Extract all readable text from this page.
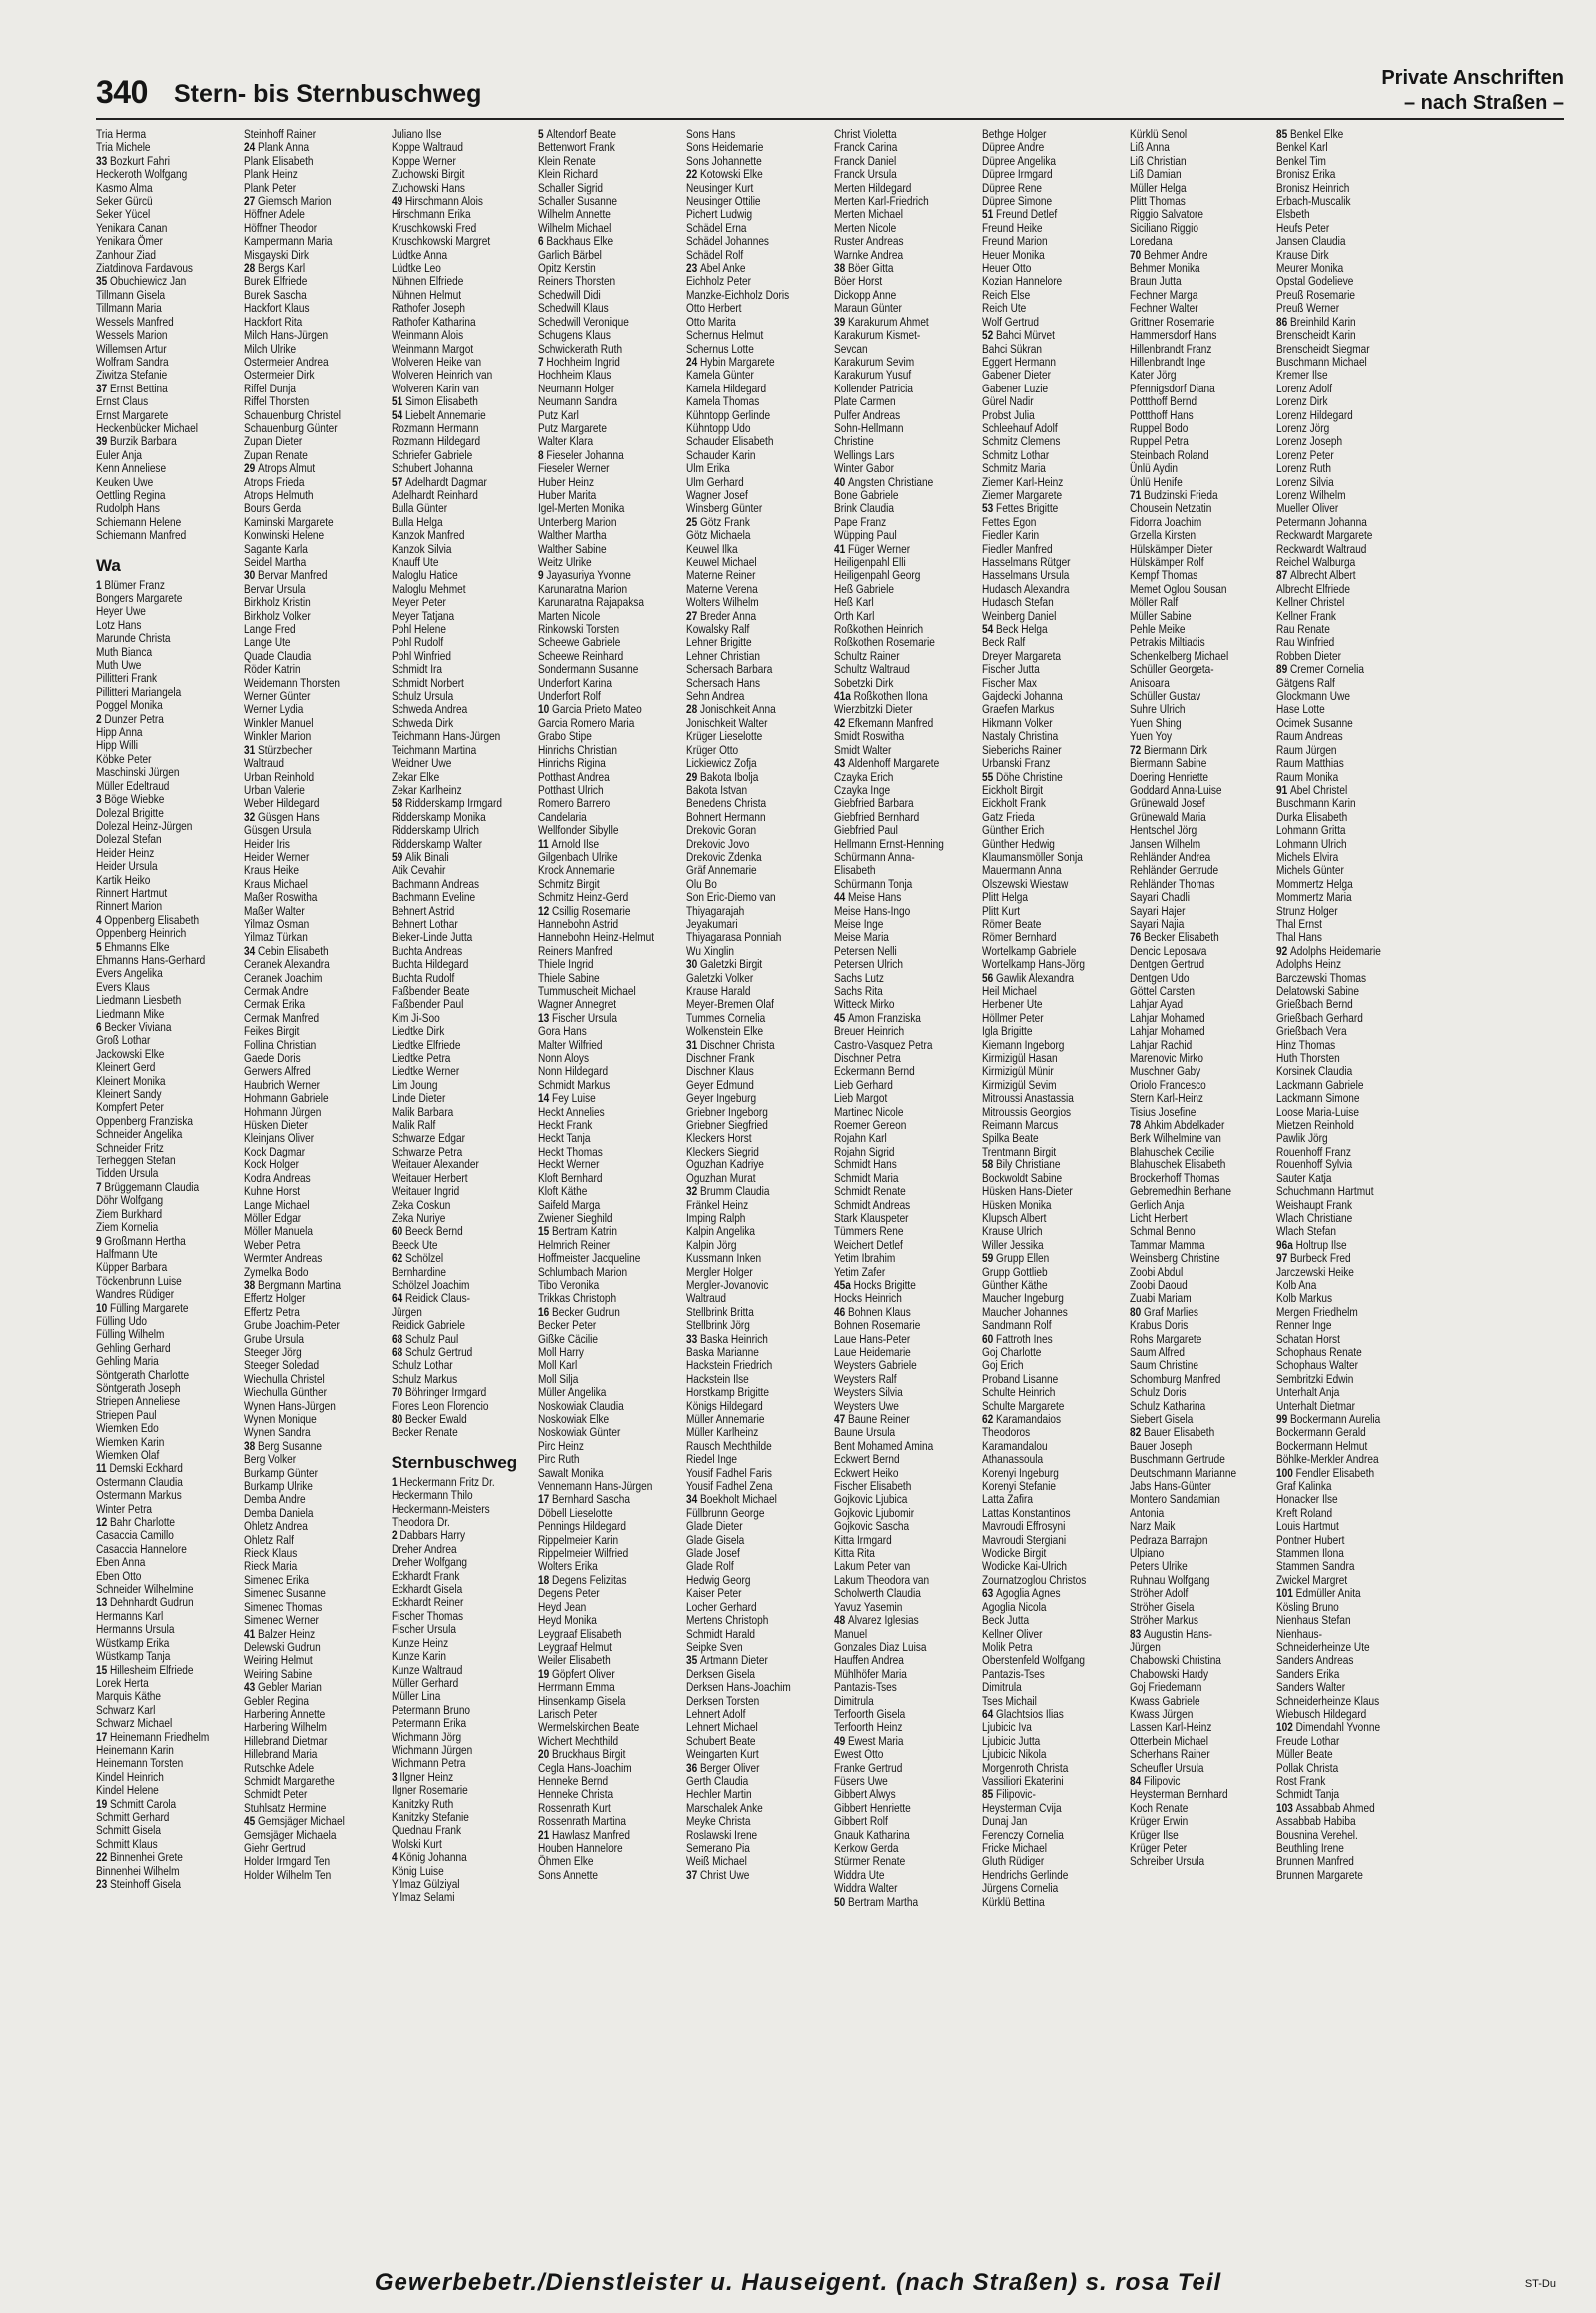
340 Stern- bis Sternbuschweg
Private Anschriften
– nach Straßen –
Tria Herma
Tria Michele
33 Bozkurt Fahri
Heckeroth Wolfgang
Kasmo Alma
Seker Gürcü
Seker Yücel
Yenikara Canan
Yenikara Ömer
Zanhour Ziad
Ziatdinova Fardavous
35 Obuchiewicz Jan
Tillmann Gisela
Tillmann Maria
Wessels Manfred
Wessels Marion
Willemsen Artur
Wolfram Sandra
Ziwitza Stefanie
37 Ernst Bettina
Ernst Claus
Ernst Margarete
Heckenbücker Michael
39 Burzik Barbara
Euler Anja
Kenn Anneliese
Keuken Uwe
Oettling Regina
Rudolph Hans
Schiemann Helene
Schiemann Manfred
Wa
1 Blümer Franz
Bongers Margarete
Heyer Uwe
Lotz Hans
Marunde Christa
Muth Bianca
Muth Uwe
Pillitteri Frank
Pillitteri Mariangela
Poggel Monika
2 Dunzer Petra
Hipp Anna
Hipp Willi
Köbke Peter
Maschinski Jürgen
Müller Edeltraud
3 Böge Wiebke
Dolezal Brigitte
Dolezal Heinz-Jürgen
Dolezal Stefan
Heider Heinz
Heider Ursula
Kartik Heiko
Rinnert Hartmut
Rinnert Marion
4 Oppenberg Elisabeth
Oppenberg Heinrich
5 Ehmanns Elke
Ehmanns Hans-Gerhard
Evers Angelika
Evers Klaus
Liedmann Liesbeth
Liedmann Mike
6 Becker Viviana
Groß Lothar
Jackowski Elke
Kleinert Gerd
Kleinert Monika
Kleinert Sandy
Kompfert Peter
Oppenberg Franziska
Schneider Angelika
Schneider Fritz
Terheggen Stefan
Tidden Ursula
7 Brüggemann Claudia
Döhr Wolfgang
Ziem Burkhard
Ziem Kornelia
9 Großmann Hertha
Halfmann Ute
Küpper Barbara
Töckenbrunn Luise
Wandres Rüdiger
10 Fülling Margarete
Fülling Udo
Fülling Wilhelm
Gehling Gerhard
Gehling Maria
Söntgerath Charlotte
Söntgerath Joseph
Striepen Anneliese
Striepen Paul
Wiemken Edo
Wiemken Karin
Wiemken Olaf
11 Demski Eckhard
Ostermann Claudia
Ostermann Markus
Winter Petra
12 Bahr Charlotte
Casaccia Camillo
Casaccia Hannelore
Eben Anna
Eben Otto
Schneider Wilhelmine
13 Dehnhardt Gudrun
Hermanns Karl
Hermanns Ursula
Wüstkamp Erika
Wüstkamp Tanja
15 Hillesheim Elfriede
Lorek Herta
Marquis Käthe
Schwarz Karl
Schwarz Michael
17 Heinemann Friedhelm
Heinemann Karin
Heinemann Torsten
Kindel Heinrich
Kindel Helene
19 Schmitt Carola
Schmitt Gerhard
Schmitt Gisela
Schmitt Klaus
22 Binnenhei Grete
Binnenhei Wilhelm
23 Steinhoff Gisela
Steinhoff Rainer
24 Plank Anna
Plank Elisabeth
Plank Heinz
Plank Peter
27 Giemsch Marion
Höffner Adele
Höffner Theodor
Kampermann Maria
Misgayski Dirk
28 Bergs Karl
Burek Elfriede
Burek Sascha
Hackfort Klaus
Hackfort Rita
Milch Hans-Jürgen
Milch Ulrike
Ostermeier Andrea
Ostermeier Dirk
Riffel Dunja
Riffel Thorsten
Schauenburg Christel
Schauenburg Günter
Zupan Dieter
Zupan Renate
29 Atrops Almut
Atrops Frieda
Atrops Helmuth
Bours Gerda
Kaminski Margarete
Konwinski Helene
Sagante Karla
Seidel Martha
30 Bervar Manfred
Bervar Ursula
Birkholz Kristin
Birkholz Volker
Lange Fred
Lange Ute
Quade Claudia
Röder Katrin
Weidemann Thorsten
Werner Günter
Werner Lydia
Winkler Manuel
Winkler Marion
31 Stürzbecher
Waltraud
Urban Reinhold
Urban Valerie
Weber Hildegard
32 Güsgen Hans
Güsgen Ursula
Heider Iris
Heider Werner
Kraus Heike
Kraus Michael
Maßer Roswitha
Maßer Walter
Yilmaz Osman
Yilmaz Türkan
34 Cebin Elisabeth
Ceranek Alexandra
Ceranek Joachim
Cermak Andre
Cermak Erika
Cermak Manfred
Feikes Birgit
Follina Christian
Gaede Doris
Gerwers Alfred
Haubrich Werner
Hohmann Gabriele
Hohmann Jürgen
Hüsken Dieter
Kleinjans Oliver
Kock Dagmar
Kock Holger
Kodra Andreas
Kuhne Horst
Lange Michael
Möller Edgar
Möller Manuela
Weber Petra
Wermter Andreas
Zymelka Bodo
38 Bergmann Martina
Effertz Holger
Effertz Petra
Grube Joachim-Peter
Grube Ursula
Steeger Jörg
Steeger Soledad
Wiechulla Christel
Wiechulla Günther
Wynen Hans-Jürgen
Wynen Monique
Wynen Sandra
38 Berg Susanne
Berg Volker
Burkamp Günter
Burkamp Ulrike
Demba Andre
Demba Daniela
Ohletz Andrea
Ohletz Ralf
Rieck Klaus
Rieck Maria
Simenec Erika
Simenec Susanne
Simenec Thomas
Simenec Werner
41 Balzer Heinz
Delewski Gudrun
Weiring Helmut
Weiring Sabine
43 Gebler Marian
Gebler Regina
Harbering Annette
Harbering Wilhelm
Hillebrand Dietmar
Hillebrand Maria
Rutschke Adele
Schmidt Margarethe
Schmidt Peter
Stuhlsatz Hermine
45 Gemsjäger Michael
Gemsjäger Michaela
Giehr Gertrud
Holder Irmgard Ten
Holder Wilhelm Ten
Juliano Ilse
Koppe Waltraud
Koppe Werner
Zuchowski Birgit
Zuchowski Hans
49 Hirschmann Alois
Hirschmann Erika
Kruschkowski Fred
Kruschkowski Margret
Lüdtke Anna
Lüdtke Leo
Nühnen Elfriede
Nühnen Helmut
Rathofer Joseph
Rathofer Katharina
Weinmann Alois
Weinmann Margot
Wolveren Heike van
Wolveren Heinrich van
Wolveren Karin van
51 Simon Elisabeth
54 Liebelt Annemarie
Rozmann Hermann
Rozmann Hildegard
Schriefer Gabriele
Schubert Johanna
57 Adelhardt Dagmar
Adelhardt Reinhard
Bulla Günter
Bulla Helga
Kanzok Manfred
Kanzok Silvia
Knauff Ute
Maloglu Hatice
Maloglu Mehmet
Meyer Peter
Meyer Tatjana
Pohl Helene
Pohl Rudolf
Pohl Winfried
Schmidt Ira
Schmidt Norbert
Schulz Ursula
Schweda Andrea
Schweda Dirk
Teichmann Hans-Jürgen
Teichmann Martina
Weidner Uwe
Zekar Elke
Zekar Karlheinz
58 Ridderskamp Irmgard
Ridderskamp Monika
Ridderskamp Ulrich
Ridderskamp Walter
59 Alik Binali
Atik Cevahir
Bachmann Andreas
Bachmann Eveline
Behnert Astrid
Behnert Lothar
Bieker-Linde Jutta
Buchta Andreas
Buchta Hildegard
Buchta Rudolf
Faßbender Beate
Faßbender Paul
Kim Ji-Soo
Liedtke Dirk
Liedtke Elfriede
Liedtke Petra
Liedtke Werner
Lim Joung
Linde Dieter
Malik Barbara
Malik Ralf
Schwarze Edgar
Schwarze Petra
Weitauer Alexander
Weitauer Herbert
Weitauer Ingrid
Zeka Coskun
Zeka Nuriye
60 Beeck Bernd
Beeck Ute
62 Schölzel
Bernhardine
Schölzel Joachim
64 Reidick Claus-
Jürgen
Reidick Gabriele
68 Schulz Paul
68 Schulz Gertrud
Schulz Lothar
Schulz Markus
70 Böhringer Irmgard
Flores Leon Florencio
80 Becker Ewald
Becker Renate
Sternbuschweg
1 Heckermann Fritz Dr.
Heckermann Thilo
Heckermann-Meisters
Theodora Dr.
2 Dabbars Harry
Dreher Andrea
Dreher Wolfgang
Eckhardt Frank
Eckhardt Gisela
Eckhardt Reiner
Fischer Thomas
Fischer Ursula
Kunze Heinz
Kunze Karin
Kunze Waltraud
Müller Gerhard
Müller Lina
Petermann Bruno
Petermann Erika
Wichmann Jörg
Wichmann Jürgen
Wichmann Petra
3 Ilgner Heinz
Ilgner Rosemarie
Kanitzky Ruth
Kanitzky Stefanie
Quednau Frank
Wolski Kurt
4 König Johanna
König Luise
Yilmaz Gülziyal
Yilmaz Selami
5 Altendorf Beate
Bettenwort Frank
Klein Renate
Klein Richard
Schaller Sigrid
Schaller Susanne
Wilhelm Annette
Wilhelm Michael
6 Backhaus Elke
Garlich Bärbel
Opitz Kerstin
Reiners Thorsten
Schedwill Didi
Schedwill Klaus
Schedwill Veronique
Schugens Klaus
Schwickerath Ruth
7 Hochheim Ingrid
Hochheim Klaus
Neumann Holger
Neumann Sandra
Putz Karl
Putz Margarete
Walter Klara
8 Fieseler Johanna
Fieseler Werner
Huber Heinz
Huber Marita
Igel-Merten Monika
Unterberg Marion
Walther Martha
Walther Sabine
Weitz Ulrike
9 Jayasuriya Yvonne
Karunaratna Marion
Karunaratna Rajapaksa
Marten Nicole
Rinkowski Torsten
Scheewe Gabriele
Scheewe Reinhard
Sondermann Susanne
Underfort Karina
Underfort Rolf
10 Garcia Prieto Mateo
Garcia Romero Maria
Grabo Stipe
Hinrichs Christian
Hinrichs Rigina
Potthast Andrea
Potthast Ulrich
Romero Barrero
Candelaria
Wellfonder Sibylle
11 Arnold Ilse
Gilgenbach Ulrike
Krock Annemarie
Schmitz Birgit
Schmitz Heinz-Gerd
12 Csillig Rosemarie
Hannebohn Astrid
Hannebohn Heinz-Helmut
Reiners Manfred
Thiele Ingrid
Thiele Sabine
Tummuscheit Michael
Wagner Annegret
13 Fischer Ursula
Gora Hans
Malter Wilfried
Nonn Aloys
Nonn Hildegard
Schmidt Markus
14 Fey Luise
Heckt Annelies
Heckt Frank
Heckt Tanja
Heckt Thomas
Heckt Werner
Kloft Bernhard
Kloft Käthe
Saifeld Marga
Zwiener Sieghild
15 Bertram Katrin
Helmrich Reiner
Hoffmeister Jacqueline
Schlumbach Marion
Tibo Veronika
Trikkas Christoph
16 Becker Gudrun
Becker Peter
Gißke Cäcilie
Moll Harry
Moll Karl
Moll Silja
Müller Angelika
Noskowiak Claudia
Noskowiak Elke
Noskowiak Günter
Pirc Heinz
Pirc Ruth
Sawalt Monika
Vennemann Hans-Jürgen
17 Bernhard Sascha
Döbell Lieselotte
Pennings Hildegard
Rippelmeier Karin
Rippelmeier Wilfried
Wolters Erika
18 Degens Felizitas
Degens Peter
Heyd Jean
Heyd Monika
Leygraaf Elisabeth
Leygraaf Helmut
Weiler Elisabeth
19 Göpfert Oliver
Herrmann Emma
Hinsenkamp Gisela
Larisch Peter
Wermelskirchen Beate
Wichert Mechthild
20 Bruckhaus Birgit
Cegla Hans-Joachim
Henneke Bernd
Henneke Christa
Rossenrath Kurt
Rossenrath Martina
21 Hawlasz Manfred
Houben Hannelore
Öhmen Elke
Sons Annette
Sons Hans
Sons Heidemarie
Sons Johannette
22 Kotowski Elke
Neusinger Kurt
Neusinger Ottilie
Pichert Ludwig
Schädel Erna
Schädel Johannes
Schädel Rolf
23 Abel Anke
Eichholz Peter
Manzke-Eichholz Doris
Otto Herbert
Otto Marita
Schernus Helmut
Schernus Lotte
24 Hybin Margarete
Kamela Günter
Kamela Hildegard
Kamela Thomas
Kühntopp Gerlinde
Kühntopp Udo
Schauder Elisabeth
Schauder Karin
Ulm Erika
Ulm Gerhard
Wagner Josef
Winsberg Günter
25 Götz Frank
Götz Michaela
Keuwel Ilka
Keuwel Michael
Materne Reiner
Materne Verena
Wolters Wilhelm
27 Breder Anna
Kowalsky Ralf
Lehner Brigitte
Lehner Christian
Schersach Barbara
Schersach Hans
Sehn Andrea
28 Jonischkeit Anna
Jonischkeit Walter
Krüger Lieselotte
Krüger Otto
Lickiewicz Zofja
29 Bakota Ibolja
Bakota Istvan
Benedens Christa
Bohnert Hermann
Drekovic Goran
Drekovic Jovo
Drekovic Zdenka
Gräf Annemarie
Olu Bo
Son Eric-Diemo van
Thiyagarajah
Jeyakumari
Thiyagarasa Ponniah
Wu Xinglin
30 Galetzki Birgit
Galetzki Volker
Krause Harald
Meyer-Bremen Olaf
Tummes Cornelia
Wolkenstein Elke
31 Dischner Christa
Dischner Frank
Dischner Klaus
Geyer Edmund
Geyer Ingeburg
Griebner Ingeborg
Griebner Siegfried
Kleckers Horst
Kleckers Siegrid
Oguzhan Kadriye
Oguzhan Murat
32 Brumm Claudia
Fränkel Heinz
Imping Ralph
Kalpin Angelika
Kalpin Jörg
Kussmann Inken
Mergler Holger
Mergler-Jovanovic
Waltraud
Stellbrink Britta
Stellbrink Jörg
33 Baska Heinrich
Baska Marianne
Hackstein Friedrich
Hackstein Ilse
Horstkamp Brigitte
Königs Hildegard
Müller Annemarie
Müller Karlheinz
Rausch Mechthilde
Riedel Inge
Yousif Fadhel Faris
Yousif Fadhel Zena
34 Boekholt Michael
Füllbrunn George
Glade Dieter
Glade Gisela
Glade Josef
Glade Rolf
Hedwig Georg
Kaiser Peter
Locher Gerhard
Mertens Christoph
Schmidt Harald
Seipke Sven
35 Artmann Dieter
Derksen Gisela
Derksen Hans-Joachim
Derksen Torsten
Lehnert Adolf
Lehnert Michael
Schubert Beate
Weingarten Kurt
36 Berger Oliver
Gerth Claudia
Hechler Martin
Marschalek Anke
Meyke Christa
Roslawski Irene
Semerano Pia
Weiß Michael
37 Christ Uwe
Christ Violetta
Franck Carina
Franck Daniel
Franck Ursula
Merten Hildegard
Merten Karl-Friedrich
Merten Michael
Merten Nicole
Ruster Andreas
Warnke Andrea
38 Böer Gitta
Böer Horst
Dickopp Anne
Maraun Günter
39 Karakurum Ahmet
Karakurum Kismet-
Sevcan
Karakurum Sevim
Karakurum Yusuf
Kollender Patricia
Plate Carmen
Pulfer Andreas
Sohn-Hellmann
Christine
Wellings Lars
Winter Gabor
40 Angsten Christiane
Bone Gabriele
Brink Claudia
Pape Franz
Wüpping Paul
41 Füger Werner
Heiligenpahl Elli
Heiligenpahl Georg
Heß Gabriele
Heß Karl
Orth Karl
Roßkothen Heinrich
Roßkothen Rosemarie
Schultz Rainer
Schultz Waltraud
Sobetzki Dirk
41a Roßkothen Ilona
Wierzbitzki Dieter
42 Efkemann Manfred
Smidt Roswitha
Smidt Walter
43 Aldenhoff Margarete
Czayka Erich
Czayka Inge
Giebfried Barbara
Giebfried Bernhard
Giebfried Paul
Hellmann Ernst-Henning
Schürmann Anna-
Elisabeth
Schürmann Tonja
44 Meise Hans
Meise Hans-Ingo
Meise Inge
Meise Maria
Petersen Nelli
Petersen Ulrich
Sachs Lutz
Sachs Rita
Witteck Mirko
45 Amon Franziska
Breuer Heinrich
Castro-Vasquez Petra
Dischner Petra
Eckermann Bernd
Lieb Gerhard
Lieb Margot
Martinec Nicole
Roemer Gereon
Rojahn Karl
Rojahn Sigrid
Schmidt Hans
Schmidt Maria
Schmidt Renate
Schmidt Andreas
Stark Klauspeter
Tümmers Rene
Weichert Detlef
Yetim Ibrahim
Yetim Zafer
45a Hocks Brigitte
Hocks Heinrich
46 Bohnen Klaus
Bohnen Rosemarie
Laue Hans-Peter
Laue Heidemarie
Weysters Gabriele
Weysters Ralf
Weysters Silvia
Weysters Uwe
47 Baune Reiner
Baune Ursula
Bent Mohamed Amina
Eckwert Bernd
Eckwert Heiko
Fischer Elisabeth
Gojkovic Ljubica
Gojkovic Ljubomir
Gojkovic Sascha
Kitta Irmgard
Kitta Rita
Lakum Peter van
Lakum Theodora van
Scholwerth Claudia
Yavuz Yasemin
48 Alvarez Iglesias
Manuel
Gonzales Diaz Luisa
Hauffen Andrea
Mühlhöfer Maria
Pantazis-Tses
Dimitrula
Terfoorth Gisela
Terfoorth Heinz
49 Ewest Maria
Ewest Otto
Franke Gertrud
Füsers Uwe
Gibbert Alwys
Gibbert Henriette
Gibbert Rolf
Gnauk Katharina
Kerkow Gerda
Stürmer Renate
Widdra Ute
Widdra Walter
50 Bertram Martha
Bethge Holger
Düpree Andre
Düpree Angelika
Düpree Irmgard
Düpree Rene
Düpree Simone
51 Freund Detlef
Freund Heike
Freund Marion
Heuer Monika
Heuer Otto
Kozian Hannelore
Reich Else
Reich Ute
Wolf Gertrud
52 Bahci Mürvet
Bahci Sükran
Eggert Hermann
Gabener Dieter
Gabener Luzie
Gürel Nadir
Probst Julia
Schleehauf Adolf
Schmitz Clemens
Schmitz Lothar
Schmitz Maria
Ziemer Karl-Heinz
Ziemer Margarete
53 Fettes Brigitte
Fettes Egon
Fiedler Karin
Fiedler Manfred
Hasselmans Rütger
Hasselmans Ursula
Hudasch Alexandra
Hudasch Stefan
Weinberg Daniel
54 Beck Helga
Beck Ralf
Dreyer Margareta
Fischer Jutta
Fischer Max
Gajdecki Johanna
Graefen Markus
Hikmann Volker
Nastaly Christina
Sieberichs Rainer
Urbanski Franz
55 Döhe Christine
Eickholt Birgit
Eickholt Frank
Gatz Frieda
Günther Erich
Günther Hedwig
Klaumansmöller Sonja
Mauermann Anna
Olszewski Wiestaw
Plitt Helga
Plitt Kurt
Römer Beate
Römer Bernhard
Wortelkamp Gabriele
Wortelkamp Hans-Jörg
56 Gawlik Alexandra
Heil Michael
Herbener Ute
Höllmer Peter
Igla Brigitte
Kiemann Ingeborg
Kirmizigül Hasan
Kirmizigül Münir
Kirmizigül Sevim
Mitroussi Anastassia
Mitroussis Georgios
Reimann Marcus
Spilka Beate
Trentmann Birgit
58 Bily Christiane
Bockwoldt Sabine
Hüsken Hans-Dieter
Hüsken Monika
Klupsch Albert
Krause Ulrich
Willer Jessika
59 Grupp Ellen
Grupp Gottlieb
Günther Käthe
Maucher Ingeburg
Maucher Johannes
Sandmann Rolf
60 Fattroth Ines
Goj Charlotte
Goj Erich
Proband Lisanne
Schulte Heinrich
Schulte Margarete
62 Karamandaios
Theodoros
Karamandalou
Athanassoula
Korenyi Ingeburg
Korenyi Stefanie
Latta Zafira
Lattas Konstantinos
Mavroudi Effrosyni
Mavroudi Stergiani
Wodicke Birgit
Wodicke Kai-Ulrich
Zournatzoglou Christos
63 Agoglia Agnes
Agoglia Nicola
Beck Jutta
Kellner Oliver
Molik Petra
Oberstenfeld Wolfgang
Pantazis-Tses
Dimitrula
Tses Michail
64 Glachtsios Ilias
Ljubicic Iva
Ljubicic Jutta
Ljubicic Nikola
Morgenroth Christa
Vassiliori Ekaterini
85 Filipovic-
Heysterman Cvija
Dunaj Jan
Ferenczy Cornelia
Fricke Michael
Gluth Rüdiger
Hendrichs Gerlinde
Jürgens Cornelia
Kürklü Bettina
Kürklü Senol
Liß Anna
Liß Christian
Liß Damian
Müller Helga
Plitt Thomas
Riggio Salvatore
Siciliano Riggio
Loredana
70 Behmer Andre
Behmer Monika
Braun Jutta
Fechner Marga
Fechner Walter
Grittner Rosemarie
Hammersdorf Hans
Hillenbrandt Franz
Hillenbrandt Inge
Kater Jörg
Pfennigsdorf Diana
Pottthoff Bernd
Pottthoff Hans
Ruppel Bodo
Ruppel Petra
Steinbach Roland
Ünlü Aydin
Ünlü Henife
71 Budzinski Frieda
Chousein Netzatin
Fidorra Joachim
Grzella Kirsten
Hülskämper Dieter
Hülskämper Rolf
Kempf Thomas
Memet Oglou Sousan
Möller Ralf
Müller Sabine
Pehle Meike
Petrakis Miltiadis
Schenkelberg Michael
Schüller Georgeta-
Anisoara
Schüller Gustav
Suhre Ulrich
Yuen Shing
Yuen Yoy
72 Biermann Dirk
Biermann Sabine
Doering Henriette
Goddard Anna-Luise
Grünewald Josef
Grünewald Maria
Hentschel Jörg
Jansen Wilhelm
Rehländer Andrea
Rehländer Gertrude
Rehländer Thomas
Sayari Chadli
Sayari Hajer
Sayari Najia
76 Becker Elisabeth
Dencic Leposava
Dentgen Gertrud
Dentgen Udo
Göttel Carsten
Lahjar Ayad
Lahjar Mohamed
Lahjar Mohamed
Lahjar Rachid
Marenovic Mirko
Muschner Gaby
Oriolo Francesco
Stern Karl-Heinz
Tisius Josefine
78 Ahkim Abdelkader
Berk Wilhelmine van
Blahuschek Cecilie
Blahuschek Elisabeth
Brockerhoff Thomas
Gebremedhin Berhane
Gerlich Anja
Licht Herbert
Schmal Benno
Tammar Mamma
Weinsberg Christine
Zoobi Abdul
Zoobi Daoud
Zuabi Mariam
80 Graf Marlies
Krabus Doris
Rohs Margarete
Saum Alfred
Saum Christine
Schomburg Manfred
Schulz Doris
Schulz Katharina
Siebert Gisela
82 Bauer Elisabeth
Bauer Joseph
Buschmann Gertrude
Deutschmann Marianne
Jabs Hans-Günter
Montero Sandamian
Antonia
Narz Maik
Pedraza Barrajon
Ulpiano
Peters Ulrike
Ruhnau Wolfgang
Ströher Adolf
Ströher Gisela
Ströher Markus
83 Augustin Hans-
Jürgen
Chabowski Christina
Chabowski Hardy
Goj Friedemann
Kwass Gabriele
Kwass Jürgen
Lassen Karl-Heinz
Otterbein Michael
Scherhans Rainer
Scheufler Ursula
84 Filipovic
Heysterman Bernhard
Koch Renate
Krüger Erwin
Krüger Ilse
Krüger Peter
Schreiber Ursula
85 Benkel Elke
Benkel Karl
Benkel Tim
Bronisz Erika
Bronisz Heinrich
Erbach-Muscalik
Elsbeth
Heufs Peter
Jansen Claudia
Krause Dirk
Meurer Monika
Opstal Godelieve
Preuß Rosemarie
Preuß Werner
86 Breinhild Karin
Brenscheidt Karin
Brenscheidt Siegmar
Buschmann Michael
Kremer Ilse
Lorenz Adolf
Lorenz Dirk
Lorenz Hildegard
Lorenz Jörg
Lorenz Joseph
Lorenz Peter
Lorenz Ruth
Lorenz Silvia
Lorenz Wilhelm
Mueller Oliver
Petermann Johanna
Reckwardt Margarete
Reckwardt Waltraud
Reichel Walburga
87 Albrecht Albert
Albrecht Elfriede
Kellner Christel
Kellner Frank
Rau Renate
Rau Winfried
Robben Dieter
89 Cremer Cornelia
Gätgens Ralf
Glockmann Uwe
Hase Lotte
Ocimek Susanne
Raum Andreas
Raum Jürgen
Raum Matthias
Raum Monika
91 Abel Christel
Buschmann Karin
Durka Elisabeth
Lohmann Gritta
Lohmann Ulrich
Michels Elvira
Michels Günter
Mommertz Helga
Mommertz Maria
Strunz Holger
Thal Ernst
Thal Hans
92 Adolphs Heidemarie
Adolphs Heinz
Barczewski Thomas
Delatowski Sabine
Grießbach Bernd
Grießbach Gerhard
Grießbach Vera
Hinz Thomas
Huth Thorsten
Korsinek Claudia
Lackmann Gabriele
Lackmann Simone
Loose Maria-Luise
Mietzen Reinhold
Pawlik Jörg
Rouenhoff Franz
Rouenhoff Sylvia
Sauter Katja
Schuchmann Hartmut
Weishaupt Frank
Wlach Christiane
Wlach Stefan
96a Holtrup Ilse
97 Burbeck Fred
Jarczewski Heike
Kolb Ana
Kolb Markus
Mergen Friedhelm
Renner Inge
Schatan Horst
Schophaus Renate
Schophaus Walter
Sembritzki Edwin
Unterhalt Anja
Unterhalt Dietmar
99 Bockermann Aurelia
Bockermann Gerald
Bockermann Helmut
Böhlke-Merkler Andrea
100 Fendler Elisabeth
Graf Kalinka
Honacker Ilse
Kreft Roland
Louis Hartmut
Pontner Hubert
Stammen Ilona
Stammen Sandra
Zwickel Margret
101 Edmüller Anita
Kösling Bruno
Nienhaus Stefan
Nienhaus-
Schneiderheinze Ute
Sanders Andreas
Sanders Erika
Sanders Walter
Schneiderheinze Klaus
Wiebusch Hildegard
102 Dimendahl Yvonne
Freude Lothar
Müller Beate
Pollak Christa
Rost Frank
Schmidt Tanja
103 Assabbab Ahmed
Assabbab Habiba
Bousnina Verehel.
Beuthling Irene
Brunnen Manfred
Brunnen Margarete
Gewerbebetr./Dienstleister u. Hauseigent. (nach Straßen) s. rosa Teil	ST-Du
